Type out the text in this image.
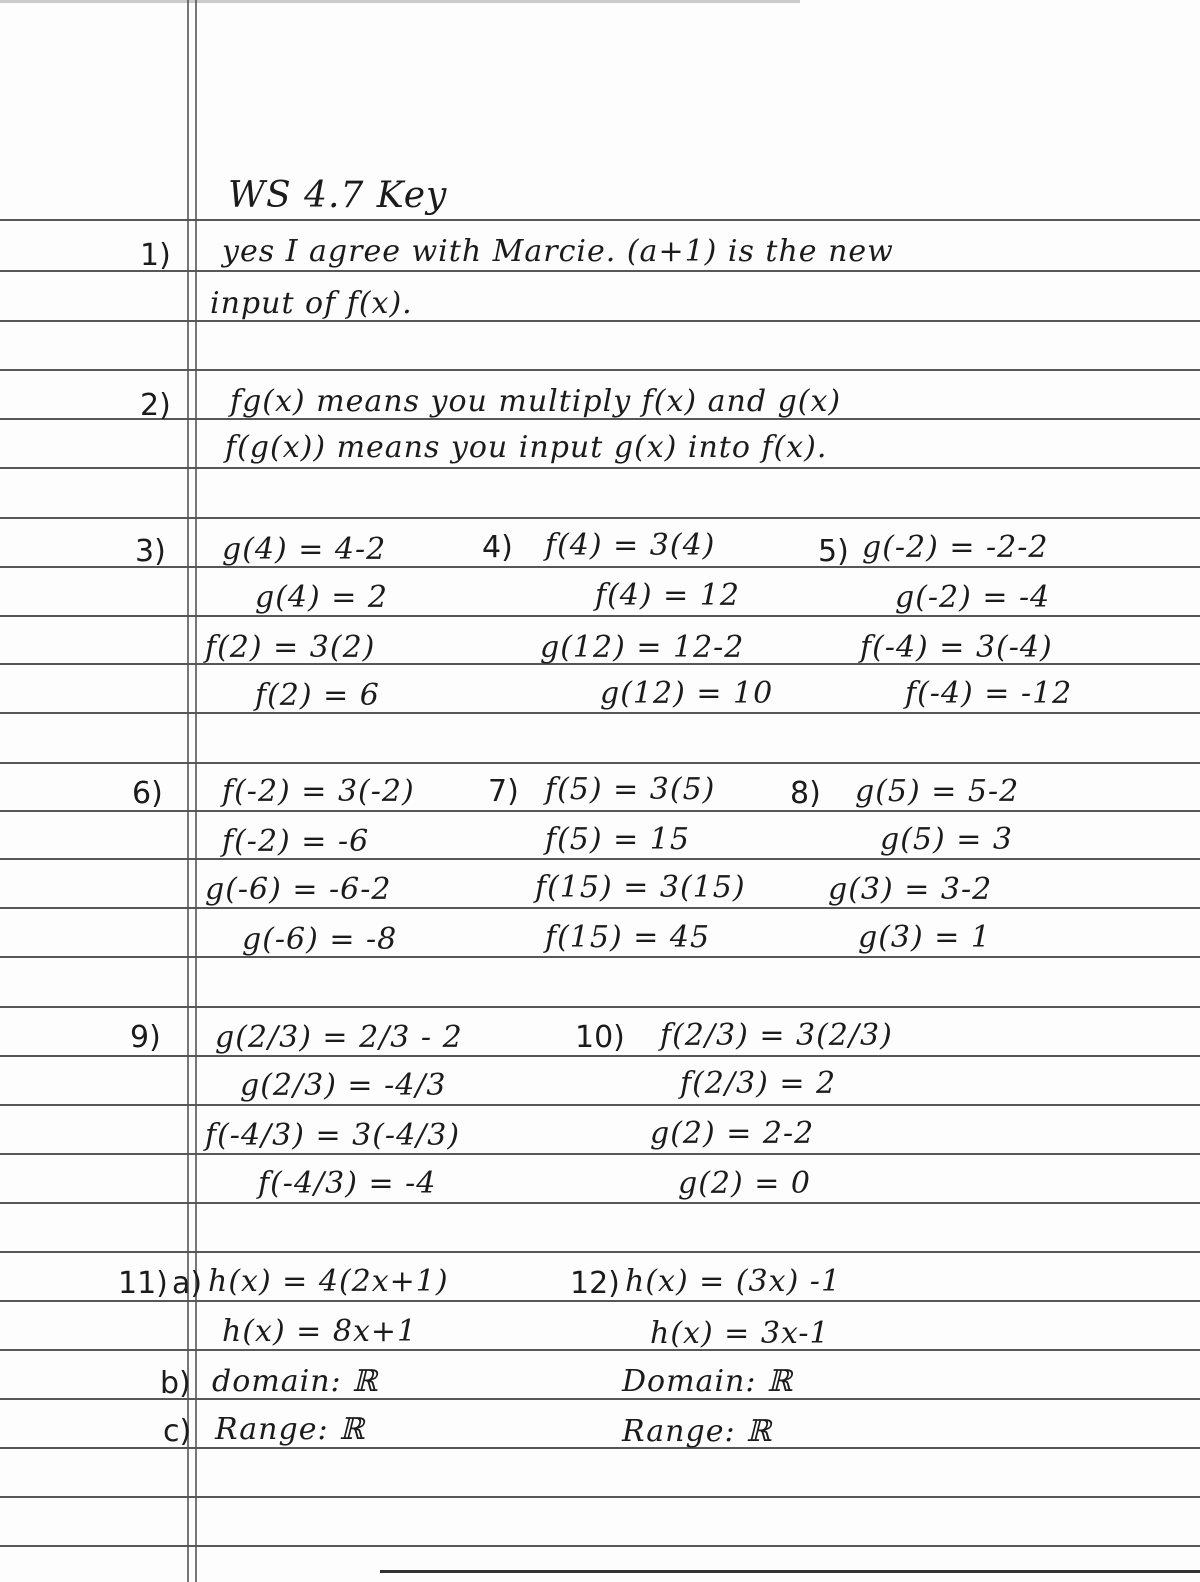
WS 4.7 Key
1) yes I agree with Marcie. (a+1) is the new
input of f(x).
2) fg(x) means you multiply f(x) and g(x)
f(g(x)) means you input g(x) into f(x).
3) g(4) = 4-2
g(4) = 2
f(2) = 3(2)
f(2) = 6
4) f(4) = 3(4)
f(4) = 12
g(12) = 12-2
g(12) = 10
5) g(-2) = -2-2
g(-2) = -4
f(-4) = 3(-4)
f(-4) = -12
6) f(-2) = 3(-2)
f(-2) = -6
g(-6) = -6-2
g(-6) = -8
7) f(5) = 3(5)
f(5) = 15
f(15) = 3(15)
f(15) = 45
8) g(5) = 5-2
g(5) = 3
g(3) = 3-2
g(3) = 1
9) g(2/3) = 2/3 - 2
g(2/3) = -4/3
f(-4/3) = 3(-4/3)
f(-4/3) = -4
10) f(2/3) = 3(2/3)
f(2/3) = 2
g(2) = 2-2
g(2) = 0
11) a) h(x) = 4(2x+1)
h(x) = 8x+1
b) domain: ℝ
c) Range: ℝ
12) h(x) = (3x) -1
h(x) = 3x-1
Domain: ℝ
Range: ℝ
